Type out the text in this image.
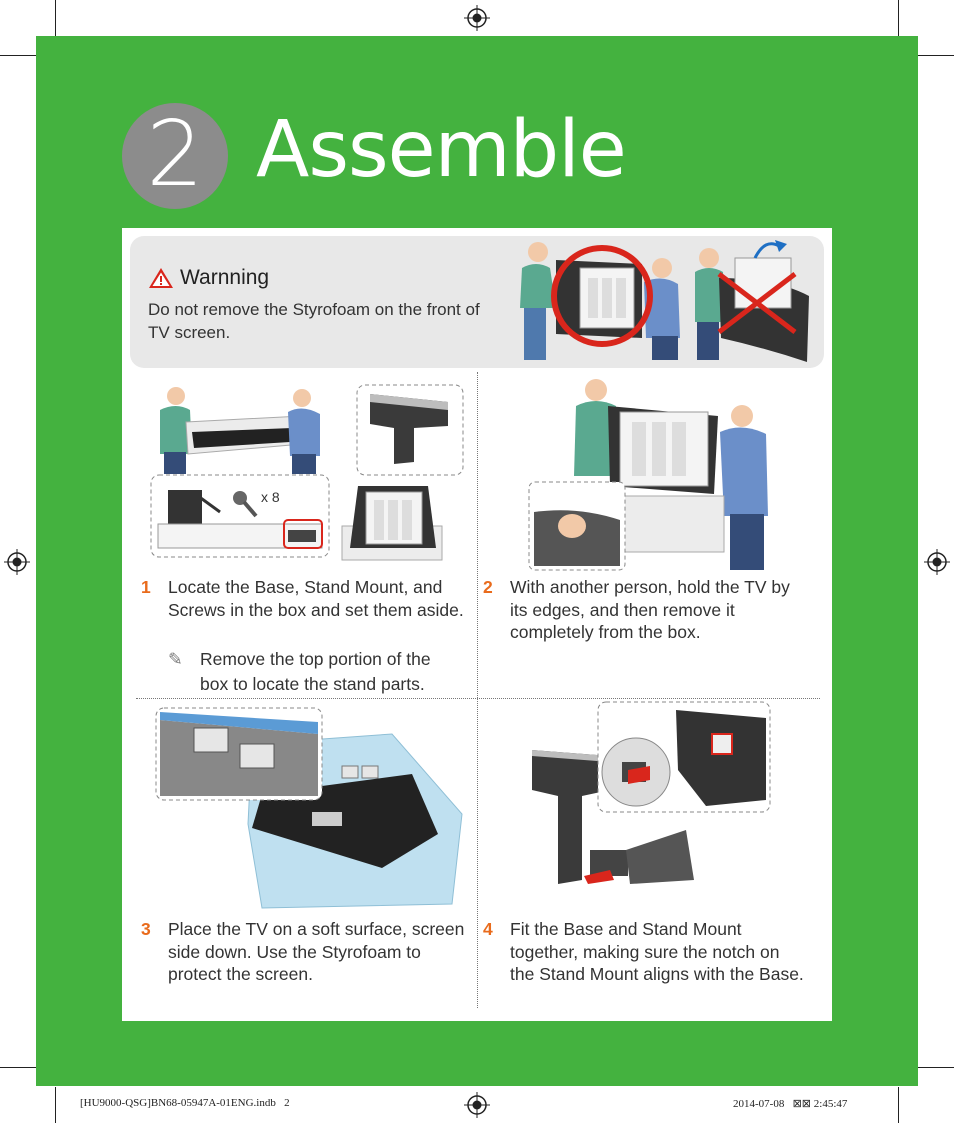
2 Assemble
Warnning
Do not remove the Styrofoam on the front of TV screen.
x 8
1 Locate the Base, Stand Mount, and Screws in the box and set them aside.
✎ Remove the top portion of the box to locate the stand parts.
2 With another person, hold the TV by its edges, and then remove it completely from the box.
3 Place the TV on a soft surface, screen side down. Use the Styrofoam to protect the screen.
4 Fit the Base and Stand Mount together, making sure the notch on the Stand Mount aligns with the Base.
[HU9000-QSG]BN68-05947A-01ENG.indb   2	2014-07-08   ⊠⊠ 2:45:47
